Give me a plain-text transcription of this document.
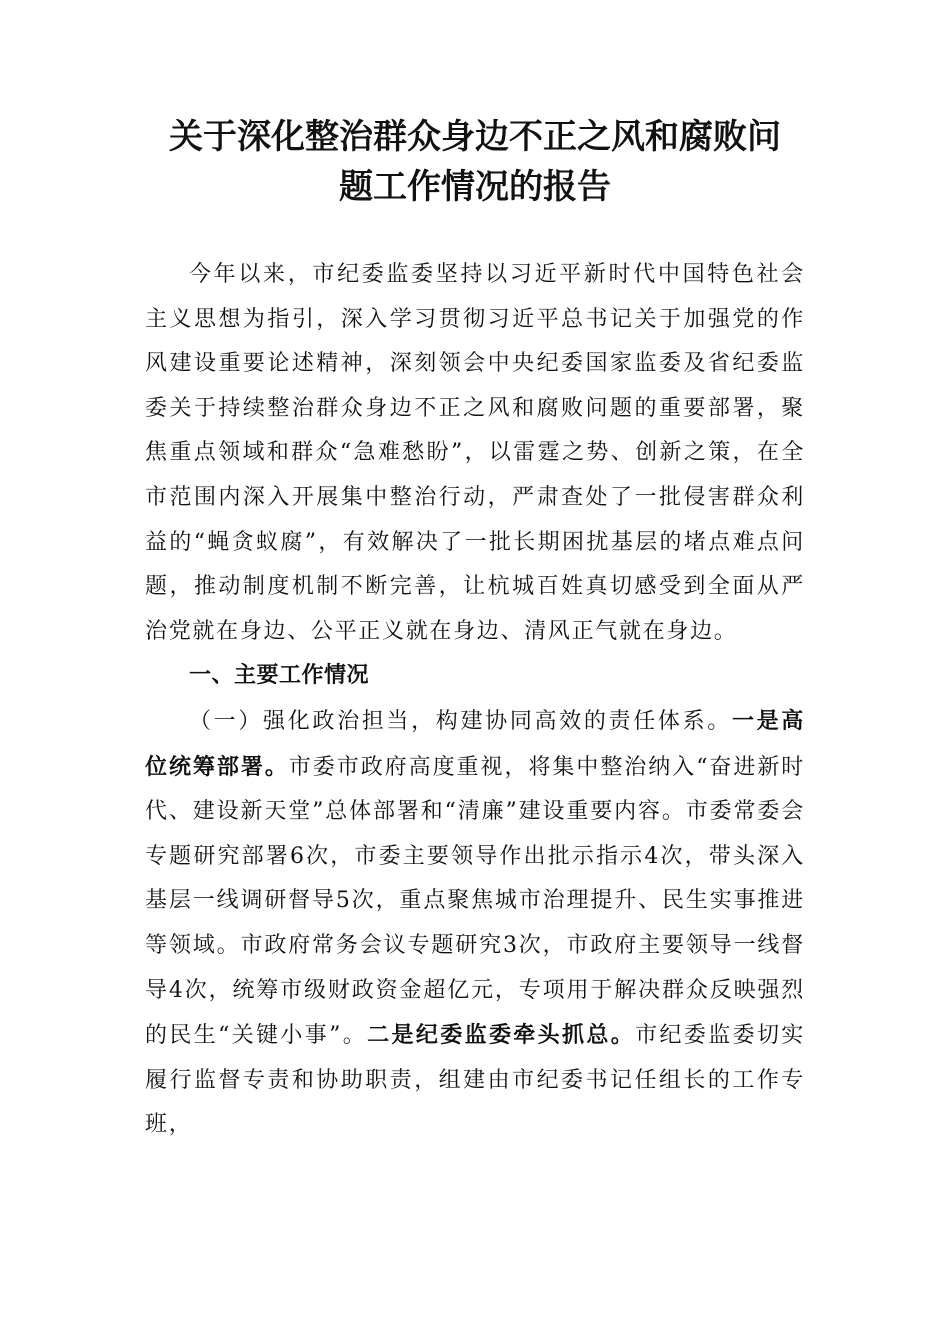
关于深化整治群众身边不正之风和腐败问
题工作情况的报告

今年以来，市纪委监委坚持以习近平新时代中国特色社会主义思想为指引，深入学习贯彻习近平总书记关于加强党的作风建设重要论述精神，深刻领会中央纪委国家监委及省纪委监委关于持续整治群众身边不正之风和腐败问题的重要部署，聚焦重点领域和群众“急难愁盼”，以雷霆之势、创新之策，在全市范围内深入开展集中整治行动，严肃查处了一批侵害群众利益的“蝇贪蚁腐”，有效解决了一批长期困扰基层的堵点难点问题，推动制度机制不断完善，让杭城百姓真切感受到全面从严治党就在身边、公平正义就在身边、清风正气就在身边。

一、主要工作情况

（一）强化政治担当，构建协同高效的责任体系。一是高位统筹部署。市委市政府高度重视，将集中整治纳入“奋进新时代、建设新天堂”总体部署和“清廉”建设重要内容。市委常委会专题研究部署6次，市委主要领导作出批示指示4次，带头深入基层一线调研督导5次，重点聚焦城市治理提升、民生实事推进等领域。市政府常务会议专题研究3次，市政府主要领导一线督导4次，统筹市级财政资金超亿元，专项用于解决群众反映强烈的民生“关键小事”。二是纪委监委牵头抓总。市纪委监委切实履行监督专责和协助职责，组建由市纪委书记任组长的工作专班，
